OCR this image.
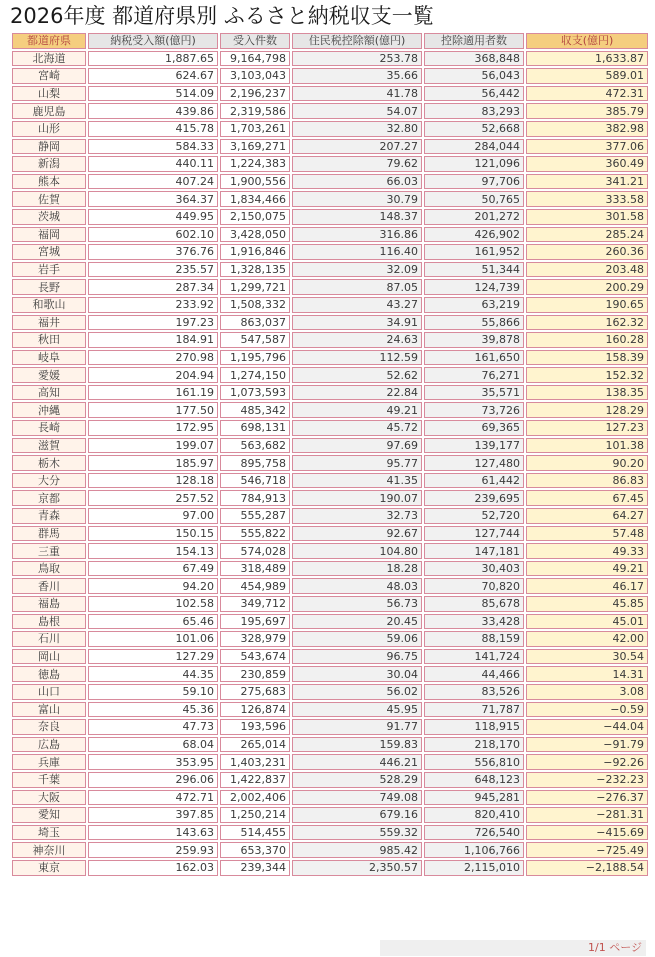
2026年度 都道府県別 ふるさと納税収支一覧
都道府県	納税受入額(億円)	受入件数	住民税控除額(億円)	控除適用者数	収支(億円)
北海道	1,887.65	9,164,798	253.78	368,848	1,633.87
宮崎	624.67	3,103,043	35.66	56,043	589.01
山梨	514.09	2,196,237	41.78	56,442	472.31
鹿児島	439.86	2,319,586	54.07	83,293	385.79
山形	415.78	1,703,261	32.80	52,668	382.98
静岡	584.33	3,169,271	207.27	284,044	377.06
新潟	440.11	1,224,383	79.62	121,096	360.49
熊本	407.24	1,900,556	66.03	97,706	341.21
佐賀	364.37	1,834,466	30.79	50,765	333.58
茨城	449.95	2,150,075	148.37	201,272	301.58
福岡	602.10	3,428,050	316.86	426,902	285.24
宮城	376.76	1,916,846	116.40	161,952	260.36
岩手	235.57	1,328,135	32.09	51,344	203.48
長野	287.34	1,299,721	87.05	124,739	200.29
和歌山	233.92	1,508,332	43.27	63,219	190.65
福井	197.23	863,037	34.91	55,866	162.32
秋田	184.91	547,587	24.63	39,878	160.28
岐阜	270.98	1,195,796	112.59	161,650	158.39
愛媛	204.94	1,274,150	52.62	76,271	152.32
高知	161.19	1,073,593	22.84	35,571	138.35
沖縄	177.50	485,342	49.21	73,726	128.29
長崎	172.95	698,131	45.72	69,365	127.23
滋賀	199.07	563,682	97.69	139,177	101.38
栃木	185.97	895,758	95.77	127,480	90.20
大分	128.18	546,718	41.35	61,442	86.83
京都	257.52	784,913	190.07	239,695	67.45
青森	97.00	555,287	32.73	52,720	64.27
群馬	150.15	555,822	92.67	127,744	57.48
三重	154.13	574,028	104.80	147,181	49.33
鳥取	67.49	318,489	18.28	30,403	49.21
香川	94.20	454,989	48.03	70,820	46.17
福島	102.58	349,712	56.73	85,678	45.85
島根	65.46	195,697	20.45	33,428	45.01
石川	101.06	328,979	59.06	88,159	42.00
岡山	127.29	543,674	96.75	141,724	30.54
徳島	44.35	230,859	30.04	44,466	14.31
山口	59.10	275,683	56.02	83,526	3.08
富山	45.36	126,874	45.95	71,787	−0.59
奈良	47.73	193,596	91.77	118,915	−44.04
広島	68.04	265,014	159.83	218,170	−91.79
兵庫	353.95	1,403,231	446.21	556,810	−92.26
千葉	296.06	1,422,837	528.29	648,123	−232.23
大阪	472.71	2,002,406	749.08	945,281	−276.37
愛知	397.85	1,250,214	679.16	820,410	−281.31
埼玉	143.63	514,455	559.32	726,540	−415.69
神奈川	259.93	653,370	985.42	1,106,766	−725.49
東京	162.03	239,344	2,350.57	2,115,010	−2,188.54
1/1 ページ
